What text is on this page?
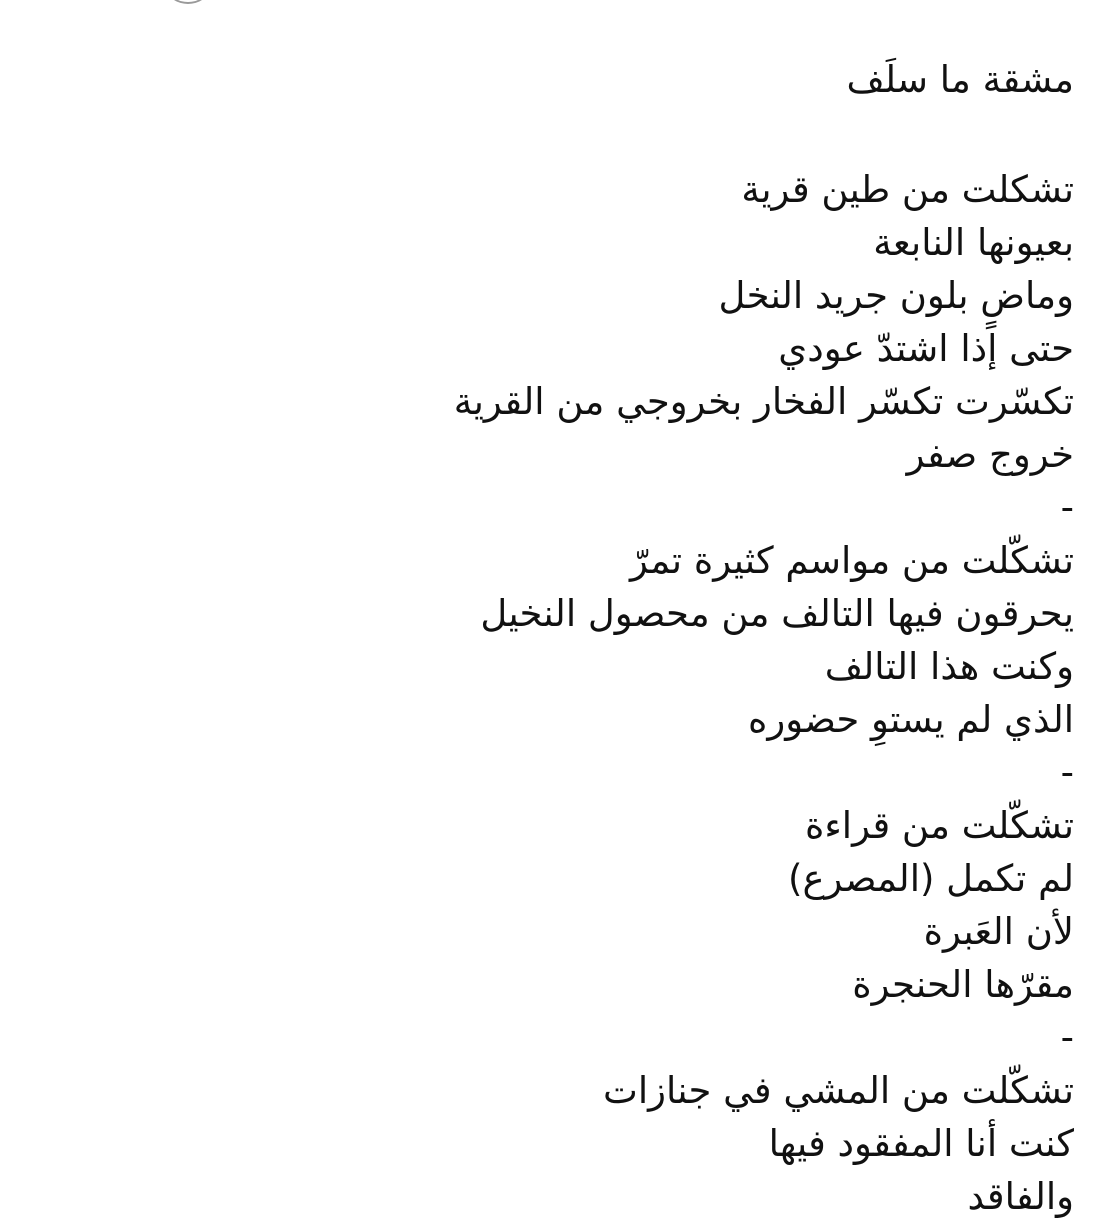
مشقة ما سلَف
تشكلت من طين قرية
بعيونها النابعة
وماضٍ بلون جريد النخل
حتى إذا اشتدّ عودي
تكسّرت تكسّر الفخار بخروجي من القرية
خروج صفر
-
تشكّلت من مواسم كثيرة تمرّ
يحرقون فيها التالف من محصول النخيل
وكنت هذا التالف
الذي لم يستوِ حضوره
-
تشكّلت من قراءة
لم تكمل (المصرع)
لأن العَبرة
مقرّها الحنجرة
-
تشكّلت من المشي في جنازات
كنت أنا المفقود فيها
والفاقد
